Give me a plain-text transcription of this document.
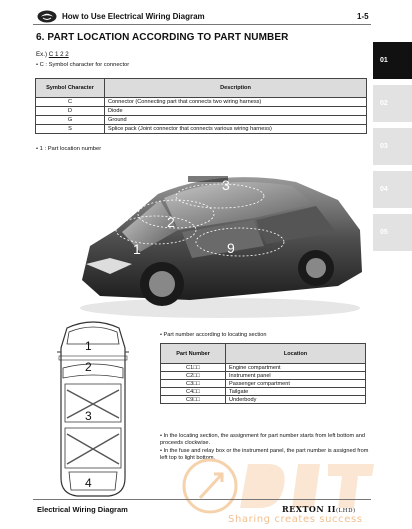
How to Use Electrical Wiring Diagram	1-5
01
02
03
04
05
6. PART LOCATION ACCORDING TO PART NUMBER
Ex.) C 1 2 2
• C : Symbol character for connector
Symbol Character	Description
C	Connector (Connecting part that connects two wiring harness)
D	Diode
G	Ground
S	Splice pack (Joint connector that connects various wiring harness)
• 1 : Part location number
1
2
3
9
1
2
3
4
• Part number according to locating section
Part Number	Location
C1□□	Engine compartment
C2□□	Instrument panel
C3□□	Passenger compartment
C4□□	Tailgate
C9□□	Underbody

• In the locating section, the assignment for part number starts from left bottom and proceeds clockwise.

• In the fuse and relay box or the instrument panel, the part number is assigned from left top to light bottom.

Electrical Wiring Diagram	REXTON II(LHD)
Sharing creates success
